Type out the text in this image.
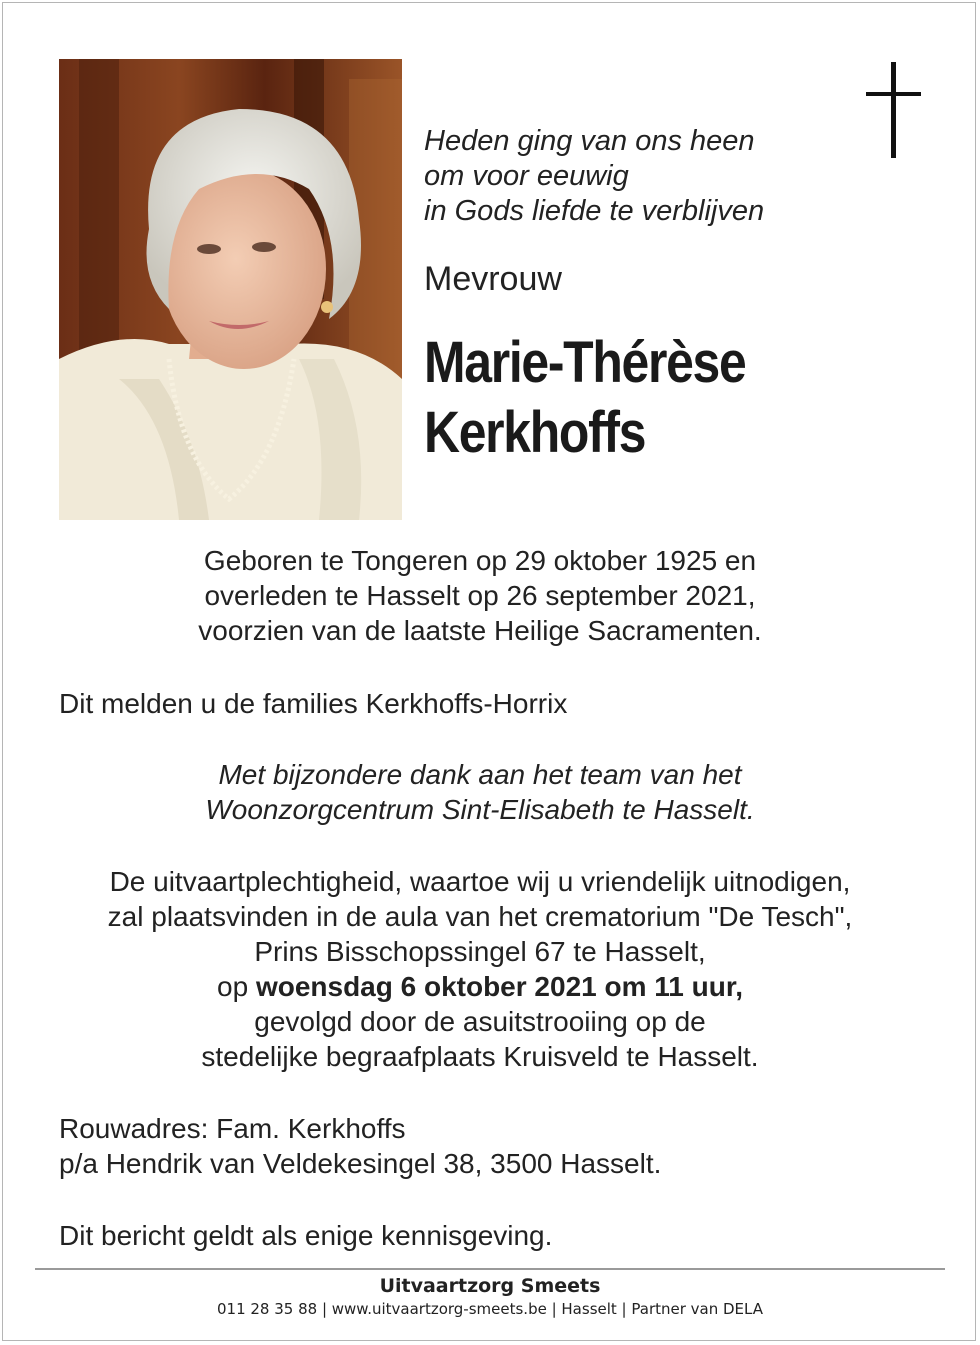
Heden ging van ons heen
om voor eeuwig
in Gods liefde te verblijven
Mevrouw
Marie-Thérèse
Kerkhoffs
Geboren te Tongeren op 29 oktober 1925 en
overleden te Hasselt op 26 september 2021,
voorzien van de laatste Heilige Sacramenten.
Dit melden u de families Kerkhoffs-Horrix
Met bijzondere dank aan het team van het
Woonzorgcentrum Sint-Elisabeth te Hasselt.
De uitvaartplechtigheid, waartoe wij u vriendelijk uitnodigen,
zal plaatsvinden in de aula van het crematorium "De Tesch",
Prins Bisschopssingel 67 te Hasselt,
op woensdag 6 oktober 2021 om 11 uur,
gevolgd door de asuitstrooiing op de
stedelijke begraafplaats Kruisveld te Hasselt.
Rouwadres: Fam. Kerkhoffs
p/a Hendrik van Veldekesingel 38, 3500 Hasselt.
Dit bericht geldt als enige kennisgeving.
Uitvaartzorg Smeets
011 28 35 88 | www.uitvaartzorg-smeets.be | Hasselt | Partner van DELA
